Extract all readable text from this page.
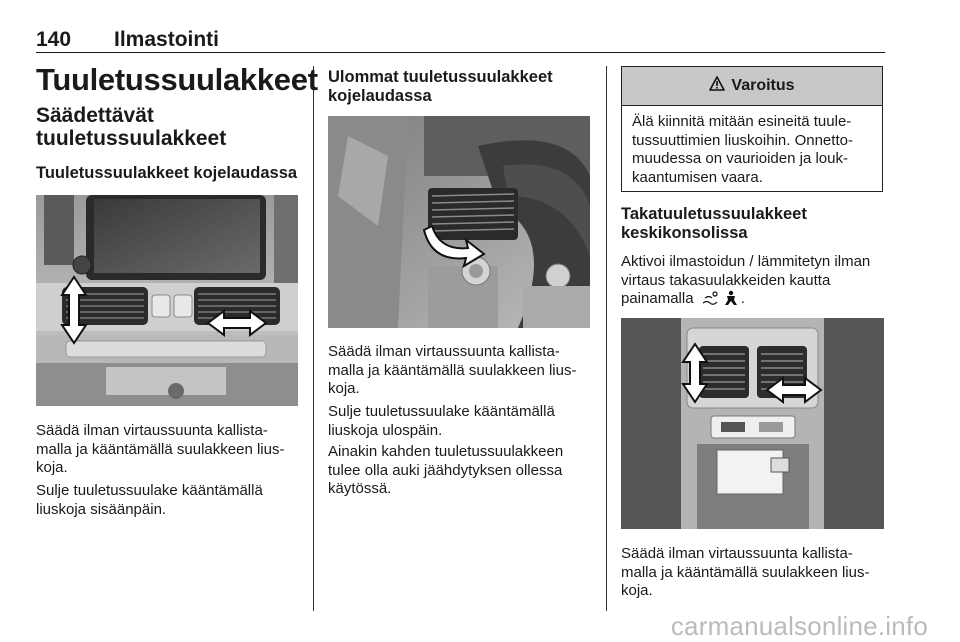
140 Ilmastointi
Tuuletussuulakkeet
Säädettävät tuuletussuulakkeet
Tuuletussuulakkeet kojelaudassa
Säädä ilman virtaussuunta kallista-malla ja kääntämällä suulakkeen lius-koja.
Sulje tuuletussuulake kääntämällä liuskoja sisäänpäin.
Ulommat tuuletussuulakkeet kojelaudassa
Säädä ilman virtaussuunta kallista-malla ja kääntämällä suulakkeen lius-koja.
Sulje tuuletussuulake kääntämällä liuskoja ulospäin.
Ainakin kahden tuuletussuulakkeen tulee olla auki jäähdytyksen ollessa käytössä.
Varoitus
Älä kiinnitä mitään esineitä tuule-tussuuttimien liuskoihin. Onnetto-muudessa on vaurioiden ja louk-kaantumisen vaara.
Takatuuletussuulakkeet keskikonsolissa
Aktivoi ilmastoidun / lämmitetyn ilman virtaus takasuulakkeiden kautta painamalla	.
Säädä ilman virtaussuunta kallista-malla ja kääntämällä suulakkeen lius-koja.
carmanualsonline.info
